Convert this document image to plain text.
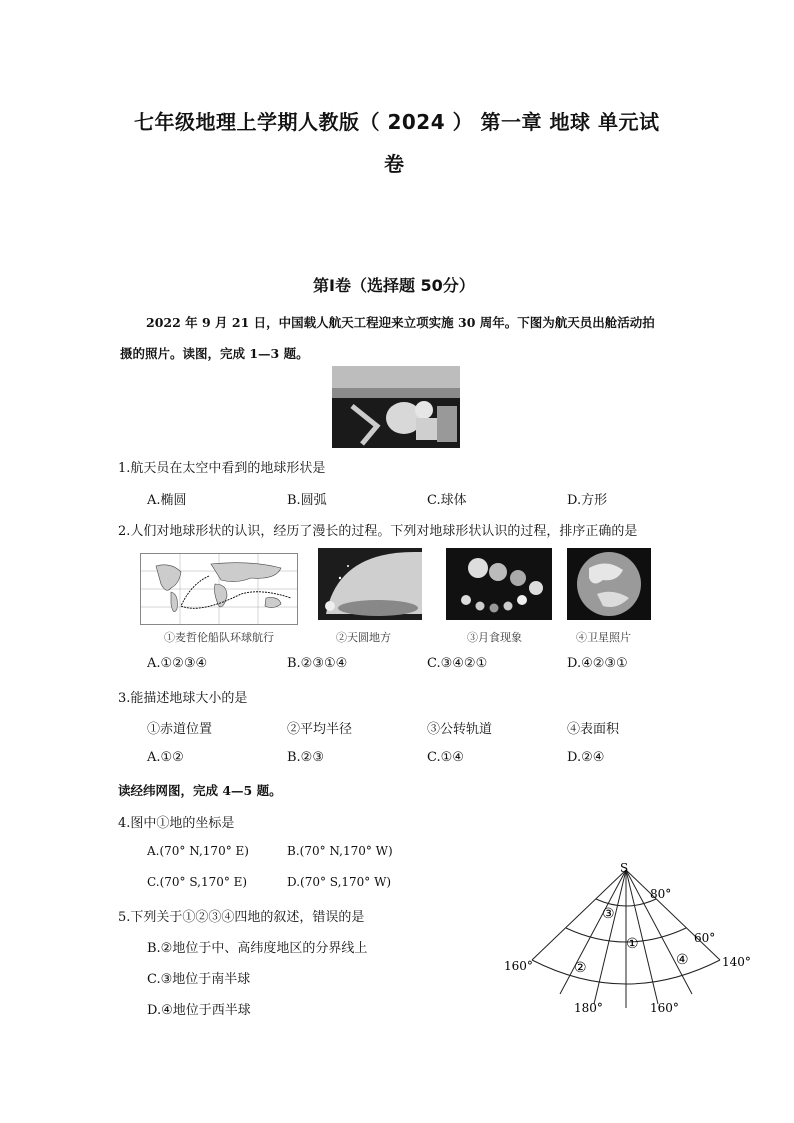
七年级地理上学期人教版（ 2024 ） 第一章 地球 单元试
卷
第Ⅰ卷（选择题 50分）
2022 年 9 月 21 日，中国载人航天工程迎来立项实施 30 周年。下图为航天员出舱活动拍
摄的照片。读图，完成 1—3 题。
1.航天员在太空中看到的地球形状是
A.椭圆	B.圆弧	C.球体	D.方形
2.人们对地球形状的认识，经历了漫长的过程。下列对地球形状认识的过程，排序正确的是
①麦哲伦船队环球航行	②天圆地方	③月食现象	④卫星照片
A.①②③④	B.②③①④	C.③④②①	D.④②③①
3.能描述地球大小的是
①赤道位置	②平均半径	③公转轨道	④表面积
A.①②	B.②③	C.①④	D.②④
读经纬网图，完成 4—5 题。
4.图中①地的坐标是
A.(70° N,170° E)	B.(70° N,170° W)
C.(70° S,170° E)	D.(70° S,170° W)
5.下列关于①②③④四地的叙述，错误的是
B.②地位于中、高纬度地区的分界线上
C.③地位于南半球
D.④地位于西半球
S
80°
60°
160°
180°	160°
140°
③
①
②	④
